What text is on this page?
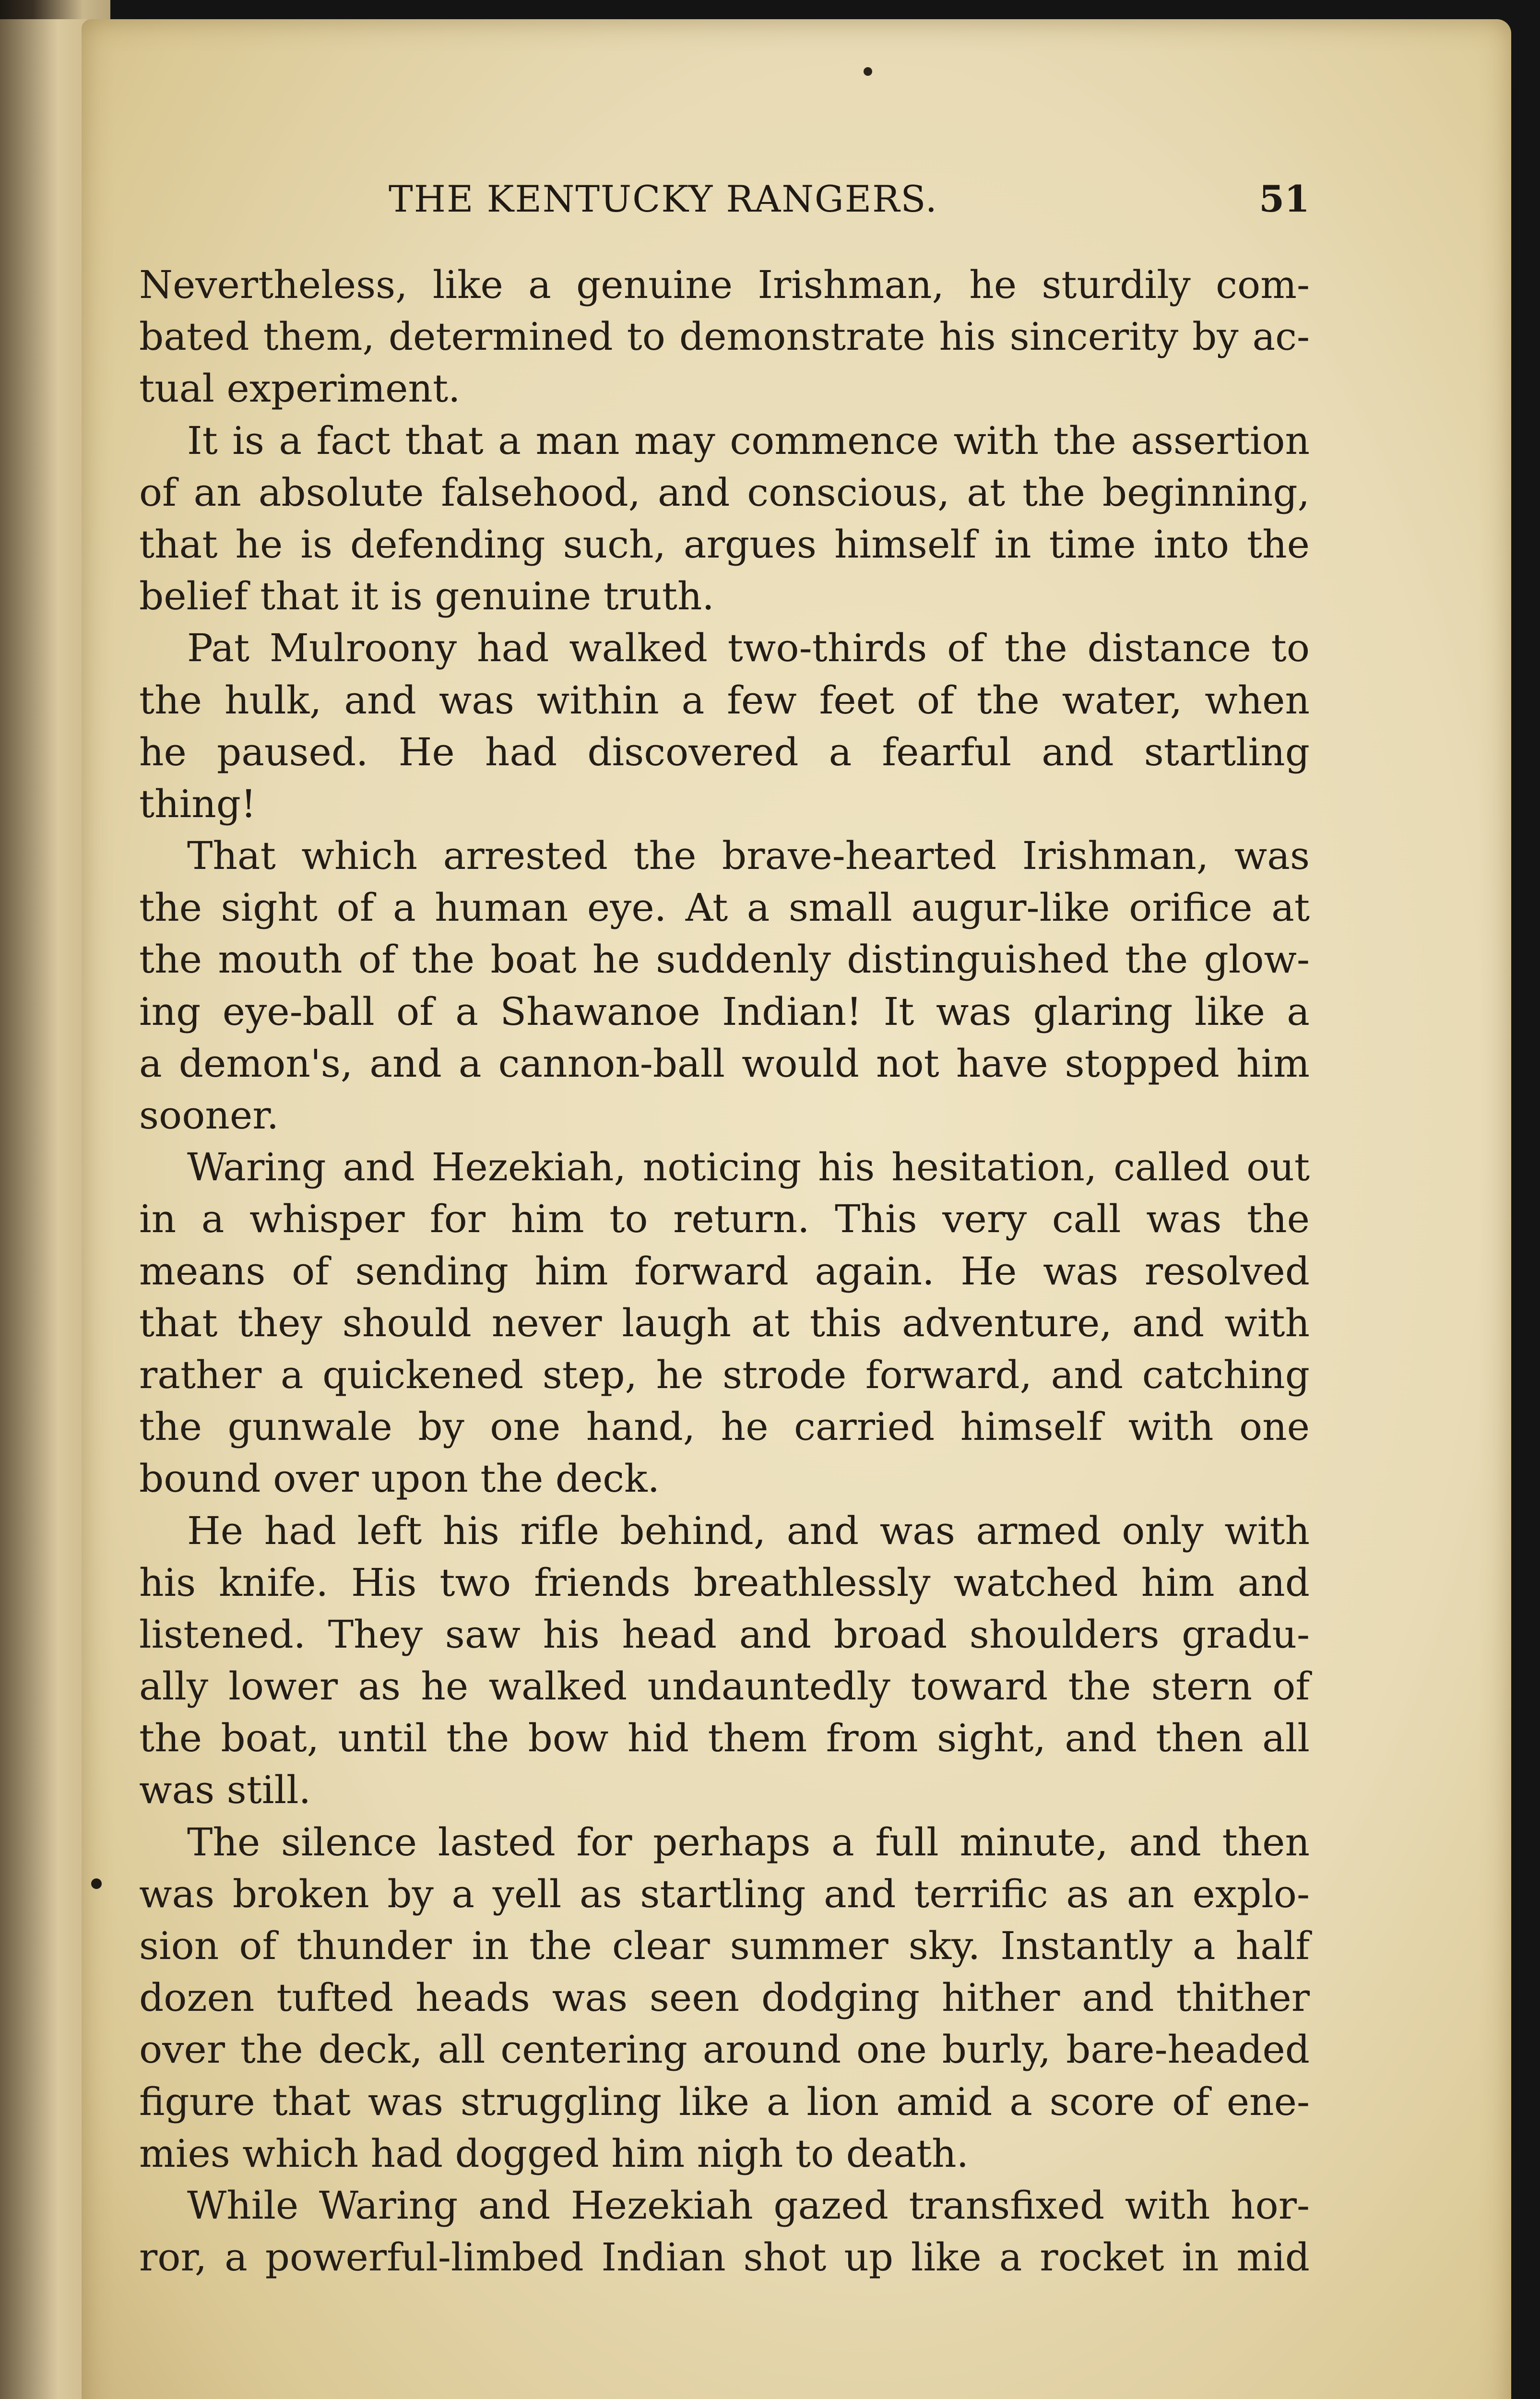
THE KENTUCKY RANGERS.	51
Nevertheless, like a genuine Irishman, he sturdily com-
bated them, determined to demonstrate his sincerity by ac-
tual experiment.
It is a fact that a man may commence with the assertion
of an absolute falsehood, and conscious, at the beginning,
that he is defending such, argues himself in time into the
belief that it is genuine truth.
Pat Mulroony had walked two-thirds of the distance to
the hulk, and was within a few feet of the water, when
he paused. He had discovered a fearful and startling
thing!
That which arrested the brave-hearted Irishman, was
the sight of a human eye. At a small augur-like orifice at
the mouth of the boat he suddenly distinguished the glow-
ing eye-ball of a Shawanoe Indian! It was glaring like a
a demon's, and a cannon-ball would not have stopped him
sooner.
Waring and Hezekiah, noticing his hesitation, called out
in a whisper for him to return. This very call was the
means of sending him forward again. He was resolved
that they should never laugh at this adventure, and with
rather a quickened step, he strode forward, and catching
the gunwale by one hand, he carried himself with one
bound over upon the deck.
He had left his rifle behind, and was armed only with
his knife. His two friends breathlessly watched him and
listened. They saw his head and broad shoulders gradu-
ally lower as he walked undauntedly toward the stern of
the boat, until the bow hid them from sight, and then all
was still.
The silence lasted for perhaps a full minute, and then
was broken by a yell as startling and terrific as an explo-
sion of thunder in the clear summer sky. Instantly a half
dozen tufted heads was seen dodging hither and thither
over the deck, all centering around one burly, bare-headed
figure that was struggling like a lion amid a score of ene-
mies which had dogged him nigh to death.
While Waring and Hezekiah gazed transfixed with hor-
ror, a powerful-limbed Indian shot up like a rocket in mid
